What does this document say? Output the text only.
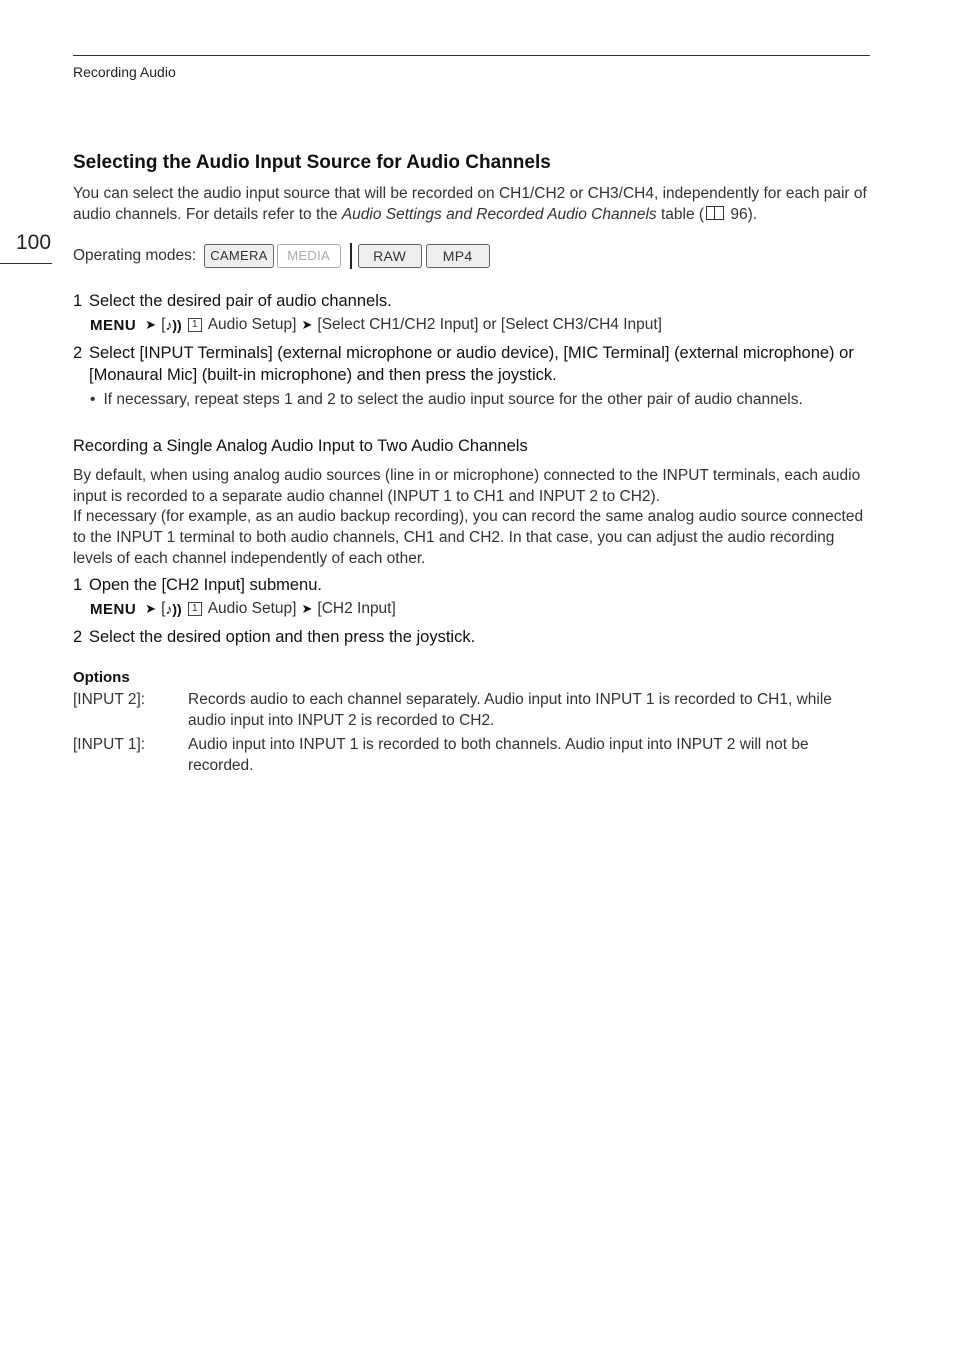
Recording Audio
100
Selecting the Audio Input Source for Audio Channels
You can select the audio input source that will be recorded on CH1/CH2 or CH3/CH4, independently for each pair of audio channels. For details refer to the Audio Settings and Recorded Audio Channels table ( 96).
Operating modes:	CAMERA	MEDIA	RAW	MP4
1 Select the desired pair of audio channels.
MENU ➤ [ ♪))	1 Audio Setup] ➤ [Select CH1/CH2 Input] or [Select CH3/CH4 Input]
2 Select [INPUT Terminals] (external microphone or audio device), [MIC Terminal] (external microphone) or [Monaural Mic] (built-in microphone) and then press the joystick.
• If necessary, repeat steps 1 and 2 to select the audio input source for the other pair of audio channels.
Recording a Single Analog Audio Input to Two Audio Channels
By default, when using analog audio sources (line in or microphone) connected to the INPUT terminals, each audio input is recorded to a separate audio channel (INPUT 1 to CH1 and INPUT 2 to CH2).
If necessary (for example, as an audio backup recording), you can record the same analog audio source connected to the INPUT 1 terminal to both audio channels, CH1 and CH2. In that case, you can adjust the audio recording levels of each channel independently of each other.
1 Open the [CH2 Input] submenu.
MENU ➤ [ ♪))	1 Audio Setup] ➤ [CH2 Input]
2 Select the desired option and then press the joystick.
Options
[INPUT 2]:	Records audio to each channel separately. Audio input into INPUT 1 is recorded to CH1, while audio input into INPUT 2 is recorded to CH2.
[INPUT 1]:	Audio input into INPUT 1 is recorded to both channels. Audio input into INPUT 2 will not be recorded.
